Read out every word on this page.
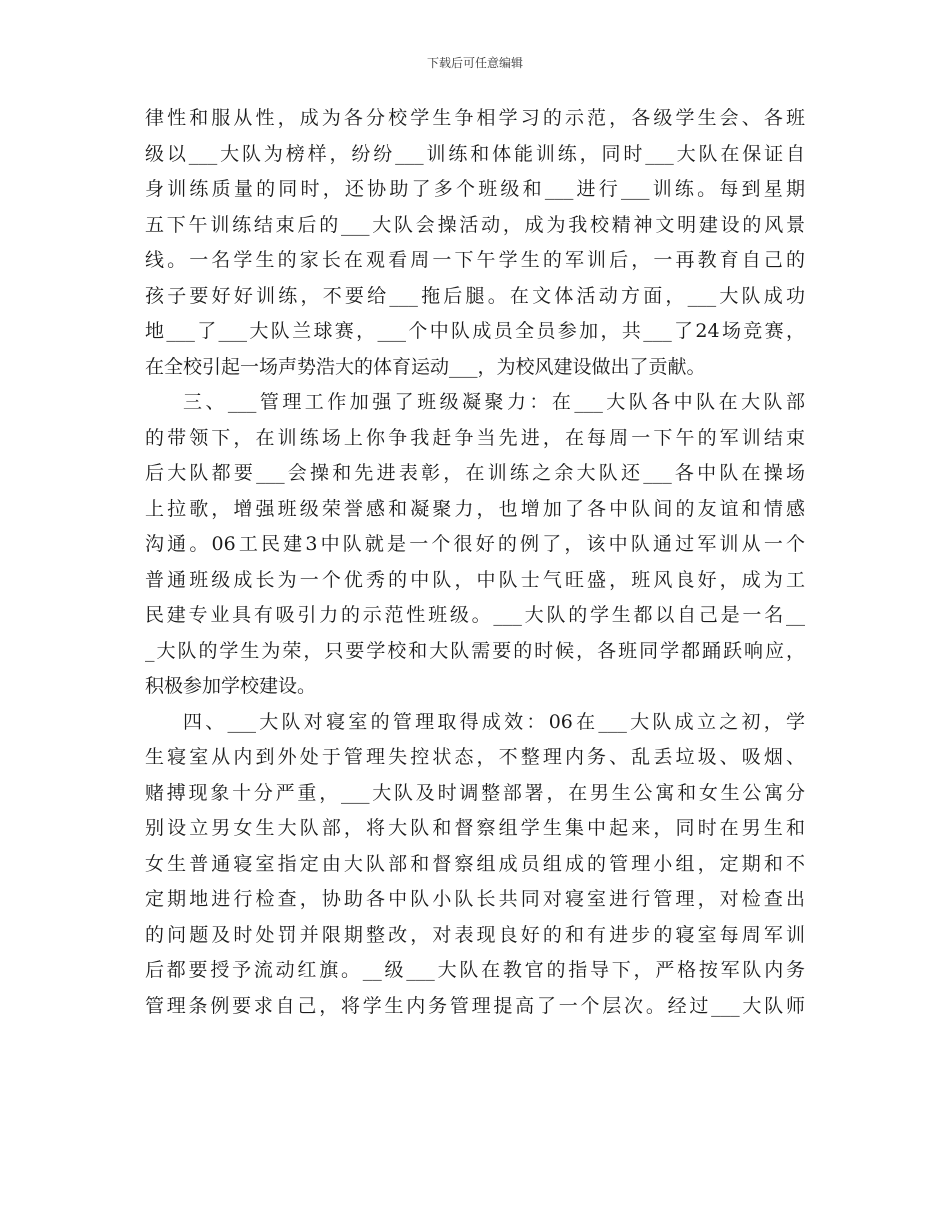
下载后可任意编辑
律性和服从性，成为各分校学生争相学习的示范，各级学生会、各班
级以___大队为榜样，纷纷___训练和体能训练，同时___大队在保证自
身训练质量的同时，还协助了多个班级和___进行___训练。每到星期
五下午训练结束后的___大队会操活动，成为我校精神文明建设的风景
线。一名学生的家长在观看周一下午学生的军训后，一再教育自己的
孩子要好好训练，不要给___拖后腿。在文体活动方面，___大队成功
地___了___大队兰球赛，___个中队成员全员参加，共___了24场竞赛，
在全校引起一场声势浩大的体育运动___，为校风建设做出了贡献。
三、___管理工作加强了班级凝聚力：在___大队各中队在大队部
的带领下，在训练场上你争我赶争当先进，在每周一下午的军训结束
后大队都要___会操和先进表彰，在训练之余大队还___各中队在操场
上拉歌，增强班级荣誉感和凝聚力，也增加了各中队间的友谊和情感
沟通。06工民建3中队就是一个很好的例了，该中队通过军训从一个
普通班级成长为一个优秀的中队，中队士气旺盛，班风良好，成为工
民建专业具有吸引力的示范性班级。___大队的学生都以自己是一名__
_大队的学生为荣，只要学校和大队需要的时候，各班同学都踊跃响应，
积极参加学校建设。
四、___大队对寝室的管理取得成效：06在___大队成立之初，学
生寝室从内到外处于管理失控状态，不整理内务、乱丢垃圾、吸烟、
赌搏现象十分严重，___大队及时调整部署，在男生公寓和女生公寓分
别设立男女生大队部，将大队和督察组学生集中起来，同时在男生和
女生普通寝室指定由大队部和督察组成员组成的管理小组，定期和不
定期地进行检查，协助各中队小队长共同对寝室进行管理，对检查出
的问题及时处罚并限期整改，对表现良好的和有进步的寝室每周军训
后都要授予流动红旗。__级___大队在教官的指导下，严格按军队内务
管理条例要求自己，将学生内务管理提高了一个层次。经过___大队师
